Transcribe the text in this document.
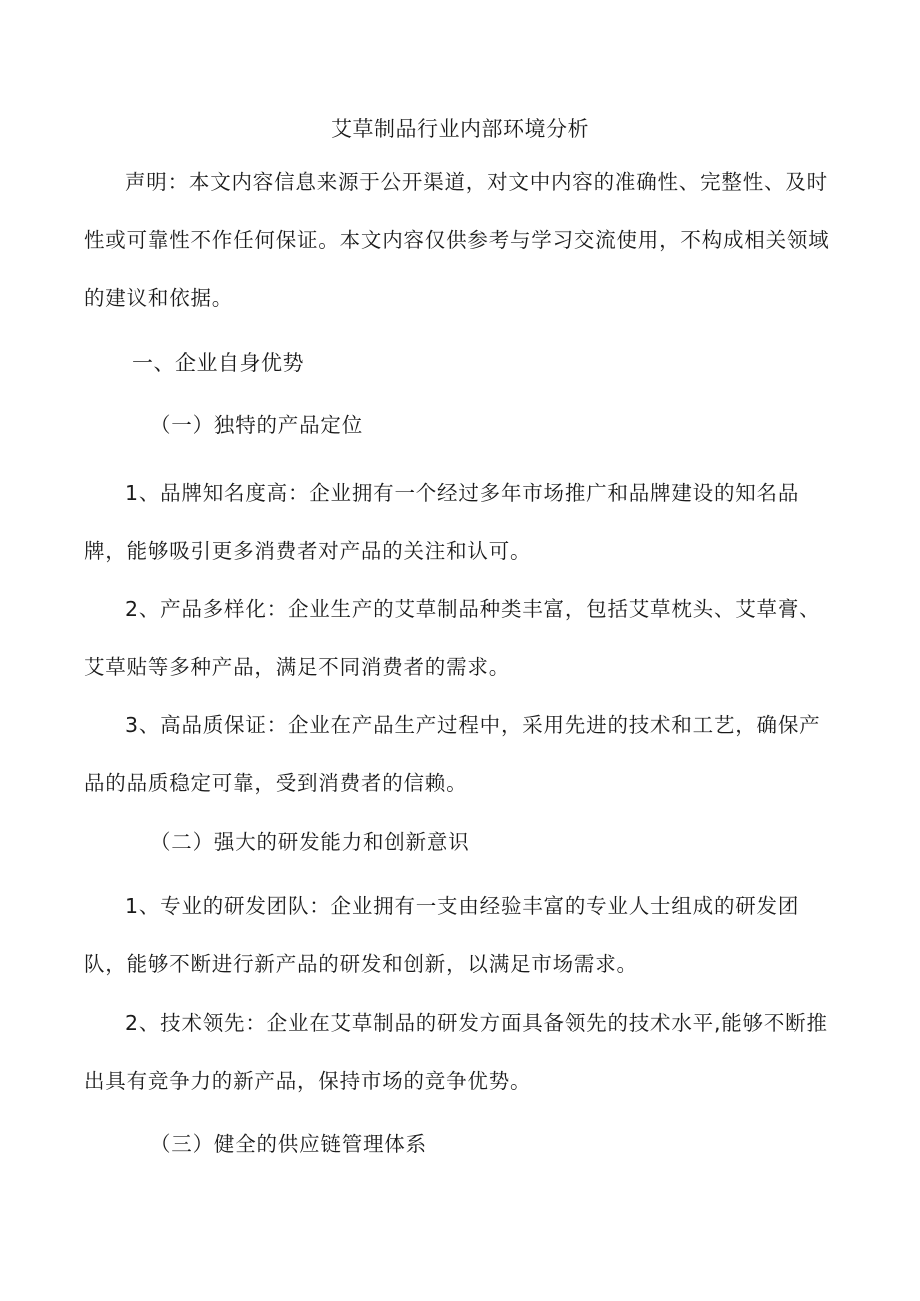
艾草制品行业内部环境分析

声明：本文内容信息来源于公开渠道，对文中内容的准确性、完整性、及时性或可靠性不作任何保证。本文内容仅供参考与学习交流使用，不构成相关领域的建议和依据。

一、企业自身优势
（一）独特的产品定位

1、品牌知名度高：企业拥有一个经过多年市场推广和品牌建设的知名品牌，能够吸引更多消费者对产品的关注和认可。

2、产品多样化：企业生产的艾草制品种类丰富，包括艾草枕头、艾草膏、艾草贴等多种产品，满足不同消费者的需求。

3、高品质保证：企业在产品生产过程中，采用先进的技术和工艺，确保产品的品质稳定可靠，受到消费者的信赖。

（二）强大的研发能力和创新意识

1、专业的研发团队：企业拥有一支由经验丰富的专业人士组成的研发团队，能够不断进行新产品的研发和创新，以满足市场需求。

2、技术领先：企业在艾草制品的研发方面具备领先的技术水平,能够不断推出具有竞争力的新产品，保持市场的竞争优势。

（三）健全的供应链管理体系
